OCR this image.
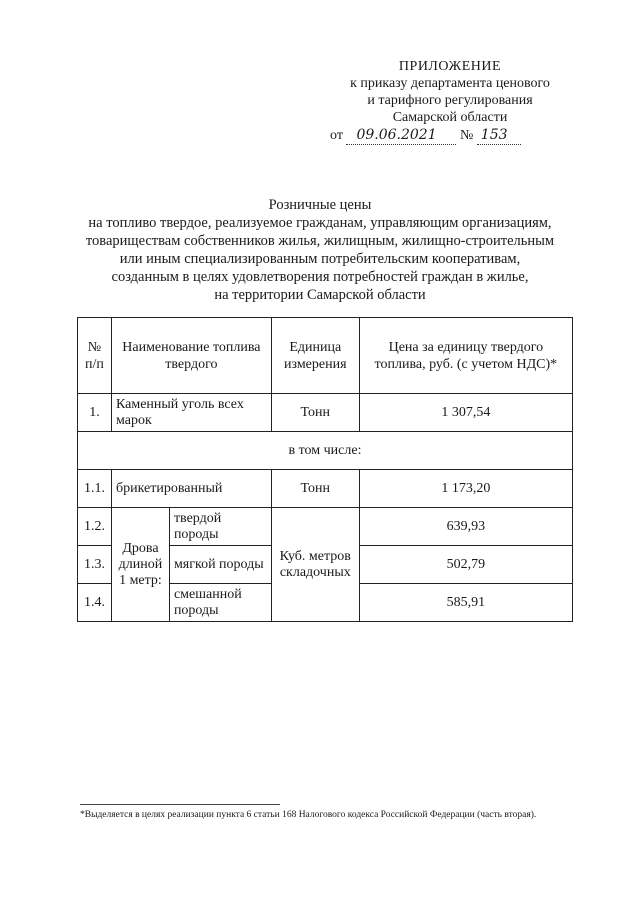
ПРИЛОЖЕНИЕ
к приказу департамента ценового
и тарифного регулирования
Самарской области
от 09.06.2021 № 153
Розничные цены
на топливо твердое, реализуемое гражданам, управляющим организациям,
товариществам собственников жилья, жилищным, жилищно-строительным
или иным специализированным потребительским кооперативам,
созданным в целях удовлетворения потребностей граждан в жилье,
на территории Самарской области
№ п/п	Наименование топлива твердого		Единица измерения	Цена за единицу твердого топлива, руб. (с учетом НДС)*
1.	Каменный уголь всех марок		Тонн	1 307,54
в том числе:				
1.1.	брикетированный		Тонн	1 173,20
1.2.	Дрова длиной 1 метр:	твердой породы	Куб. метров складочных	639,93
1.3.		мягкой породы		502,79
1.4.		смешанной породы		585,91
*Выделяется в целях реализации пункта 6 статьи 168 Налогового кодекса Российской Федерации (часть вторая).
